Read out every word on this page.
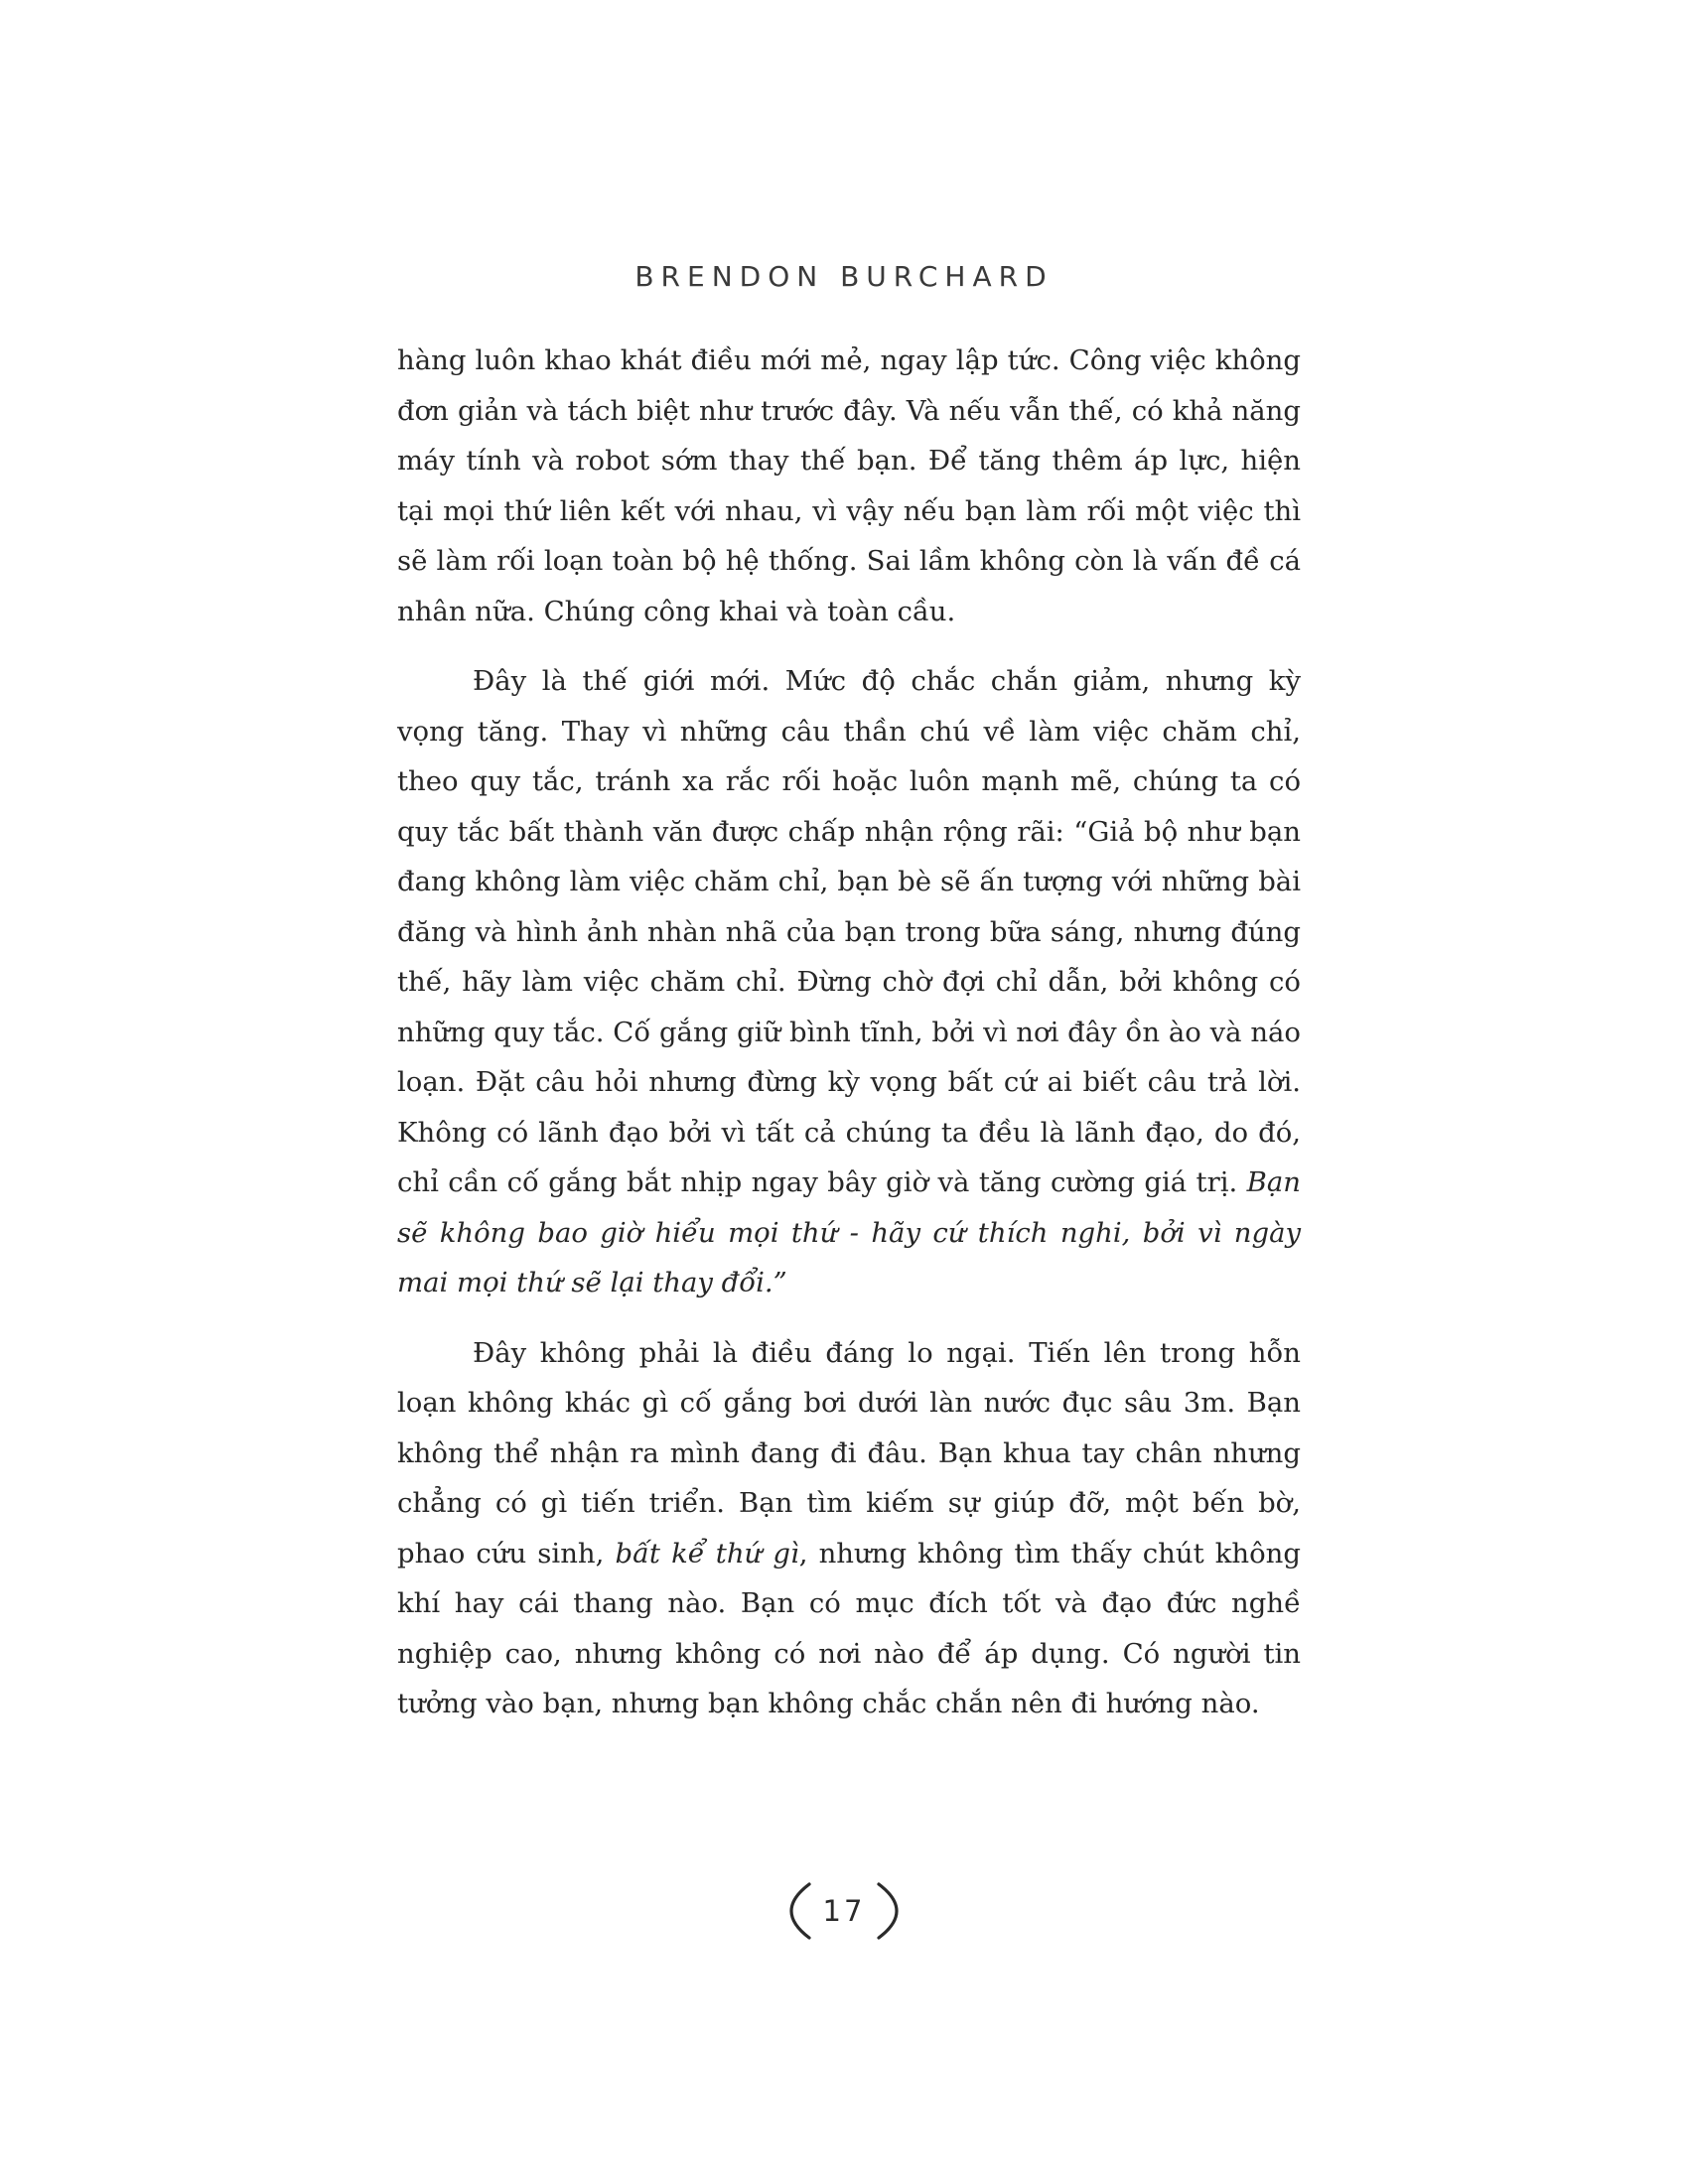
BRENDON BURCHARD

hàng luôn khao khát điều mới mẻ, ngay lập tức. Công việc không đơn giản và tách biệt như trước đây. Và nếu vẫn thế, có khả năng máy tính và robot sớm thay thế bạn. Để tăng thêm áp lực, hiện tại mọi thứ liên kết với nhau, vì vậy nếu bạn làm rối một việc thì sẽ làm rối loạn toàn bộ hệ thống. Sai lầm không còn là vấn đề cá nhân nữa. Chúng công khai và toàn cầu.

Đây là thế giới mới. Mức độ chắc chắn giảm, nhưng kỳ vọng tăng. Thay vì những câu thần chú về làm việc chăm chỉ, theo quy tắc, tránh xa rắc rối hoặc luôn mạnh mẽ, chúng ta có quy tắc bất thành văn được chấp nhận rộng rãi: “Giả bộ như bạn đang không làm việc chăm chỉ, bạn bè sẽ ấn tượng với những bài đăng và hình ảnh nhàn nhã của bạn trong bữa sáng, nhưng đúng thế, hãy làm việc chăm chỉ. Đừng chờ đợi chỉ dẫn, bởi không có những quy tắc. Cố gắng giữ bình tĩnh, bởi vì nơi đây ồn ào và náo loạn. Đặt câu hỏi nhưng đừng kỳ vọng bất cứ ai biết câu trả lời. Không có lãnh đạo bởi vì tất cả chúng ta đều là lãnh đạo, do đó, chỉ cần cố gắng bắt nhịp ngay bây giờ và tăng cường giá trị. Bạn sẽ không bao giờ hiểu mọi thứ - hãy cứ thích nghi, bởi vì ngày mai mọi thứ sẽ lại thay đổi.”

Đây không phải là điều đáng lo ngại. Tiến lên trong hỗn loạn không khác gì cố gắng bơi dưới làn nước đục sâu 3m. Bạn không thể nhận ra mình đang đi đâu. Bạn khua tay chân nhưng chẳng có gì tiến triển. Bạn tìm kiếm sự giúp đỡ, một bến bờ, phao cứu sinh, bất kể thứ gì, nhưng không tìm thấy chút không khí hay cái thang nào. Bạn có mục đích tốt và đạo đức nghề nghiệp cao, nhưng không có nơi nào để áp dụng. Có người tin tưởng vào bạn, nhưng bạn không chắc chắn nên đi hướng nào.

17
